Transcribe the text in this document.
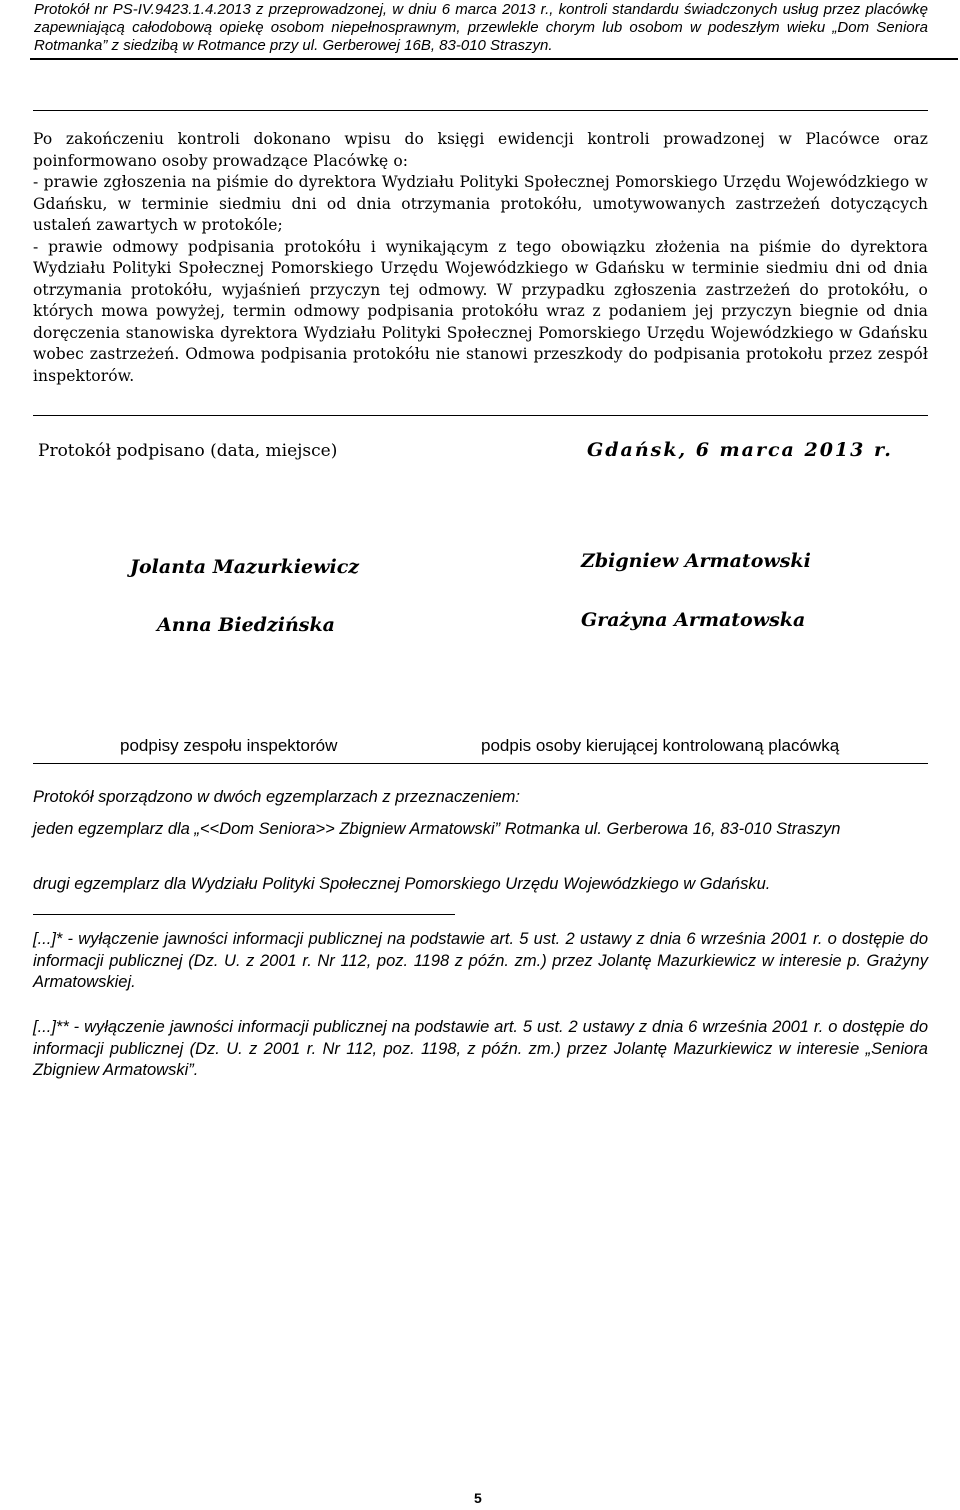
Protokół nr PS-IV.9423.1.4.2013 z przeprowadzonej, w dniu 6 marca 2013 r., kontroli standardu świadczonych usług przez placówkę zapewniającą całodobową opiekę osobom niepełnosprawnym, przewlekle chorym lub osobom w podeszłym wieku „Dom Seniora Rotmanka” z siedzibą w Rotmance przy ul. Gerberowej 16B, 83-010 Straszyn.

Po zakończeniu kontroli dokonano wpisu do księgi ewidencji kontroli prowadzonej w Placówce oraz poinformowano osoby prowadzące Placówkę o:

- prawie zgłoszenia na piśmie do dyrektora Wydziału Polityki Społecznej Pomorskiego Urzędu Wojewódzkiego w Gdańsku, w terminie siedmiu dni od dnia otrzymania protokółu, umotywowanych zastrzeżeń dotyczących ustaleń zawartych w protokóle;

- prawie odmowy podpisania protokółu i wynikającym z tego obowiązku złożenia na piśmie do dyrektora Wydziału Polityki Społecznej Pomorskiego Urzędu Wojewódzkiego w Gdańsku w terminie siedmiu dni od dnia otrzymania protokółu, wyjaśnień przyczyn tej odmowy. W przypadku zgłoszenia zastrzeżeń do protokółu, o których mowa powyżej, termin odmowy podpisania protokółu wraz z podaniem jej przyczyn biegnie od dnia doręczenia stanowiska dyrektora Wydziału Polityki Społecznej Pomorskiego Urzędu Wojewódzkiego w Gdańsku wobec zastrzeżeń. Odmowa podpisania protokółu nie stanowi przeszkody do podpisania protokołu przez zespół inspektorów.

Protokół podpisano (data, miejsce)	Gdańsk, 6 marca 2013 r.
Jolanta Mazurkiewicz
Anna Biedzińska
Zbigniew Armatowski
Grażyna Armatowska
podpisy zespołu inspektorów	podpis osoby kierującej kontrolowaną placówką
Protokół sporządzono w dwóch egzemplarzach z przeznaczeniem:
jeden egzemplarz dla „<<Dom Seniora>> Zbigniew Armatowski” Rotmanka ul. Gerberowa 16, 83-010 Straszyn
drugi egzemplarz dla Wydziału Polityki Społecznej Pomorskiego Urzędu Wojewódzkiego w Gdańsku.
[...]* - wyłączenie jawności informacji publicznej na podstawie art. 5 ust. 2 ustawy z dnia 6 września 2001 r. o dostępie do informacji publicznej (Dz. U. z 2001 r. Nr 112, poz. 1198 z późn. zm.) przez Jolantę Mazurkiewicz w interesie p. Grażyny Armatowskiej.
[...]** - wyłączenie jawności informacji publicznej na podstawie art. 5 ust. 2 ustawy z dnia 6 września 2001 r. o dostępie do informacji publicznej (Dz. U. z 2001 r. Nr 112, poz. 1198, z późn. zm.) przez Jolantę Mazurkiewicz w interesie „Seniora Zbigniew Armatowski”.
5
